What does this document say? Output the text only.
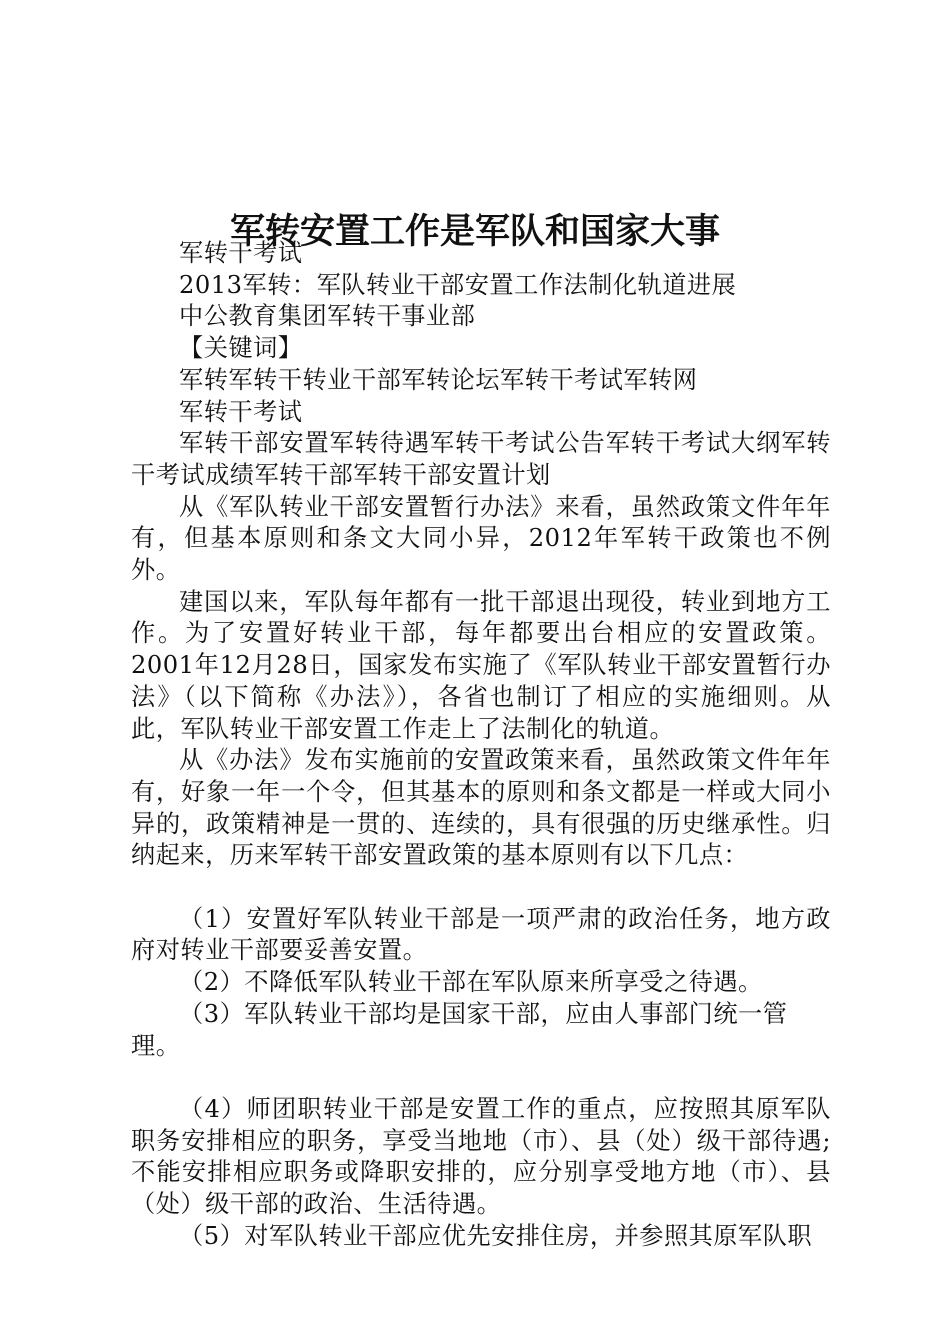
军转安置工作是军队和国家大事

军转干考试

2013军转：军队转业干部安置工作法制化轨道进展

中公教育集团军转干事业部

【关键词】

军转军转干转业干部军转论坛军转干考试军转网

军转干考试

军转干部安置军转待遇军转干考试公告军转干考试大纲军转干考试成绩军转干部军转干部安置计划

从《军队转业干部安置暂行办法》来看，虽然政策文件年年有，但基本原则和条文大同小异，2012年军转干政策也不例外。

建国以来，军队每年都有一批干部退出现役，转业到地方工作。为了安置好转业干部，每年都要出台相应的安置政策。2001年12月28日，国家发布实施了《军队转业干部安置暂行办法》（以下简称《办法》），各省也制订了相应的实施细则。从此，军队转业干部安置工作走上了法制化的轨道。

从《办法》发布实施前的安置政策来看，虽然政策文件年年有，好象一年一个令，但其基本的原则和条文都是一样或大同小异的，政策精神是一贯的、连续的，具有很强的历史继承性。归纳起来，历来军转干部安置政策的基本原则有以下几点：

（1）安置好军队转业干部是一项严肃的政治任务，地方政府对转业干部要妥善安置。

（2）不降低军队转业干部在军队原来所享受之待遇。

（3）军队转业干部均是国家干部，应由人事部门统一管理。

（4）师团职转业干部是安置工作的重点，应按照其原军队职务安排相应的职务，享受当地地（市）、县（处）级干部待遇;不能安排相应职务或降职安排的，应分别享受地方地（市）、县（处）级干部的政治、生活待遇。

（5）对军队转业干部应优先安排住房，并参照其原军队职
